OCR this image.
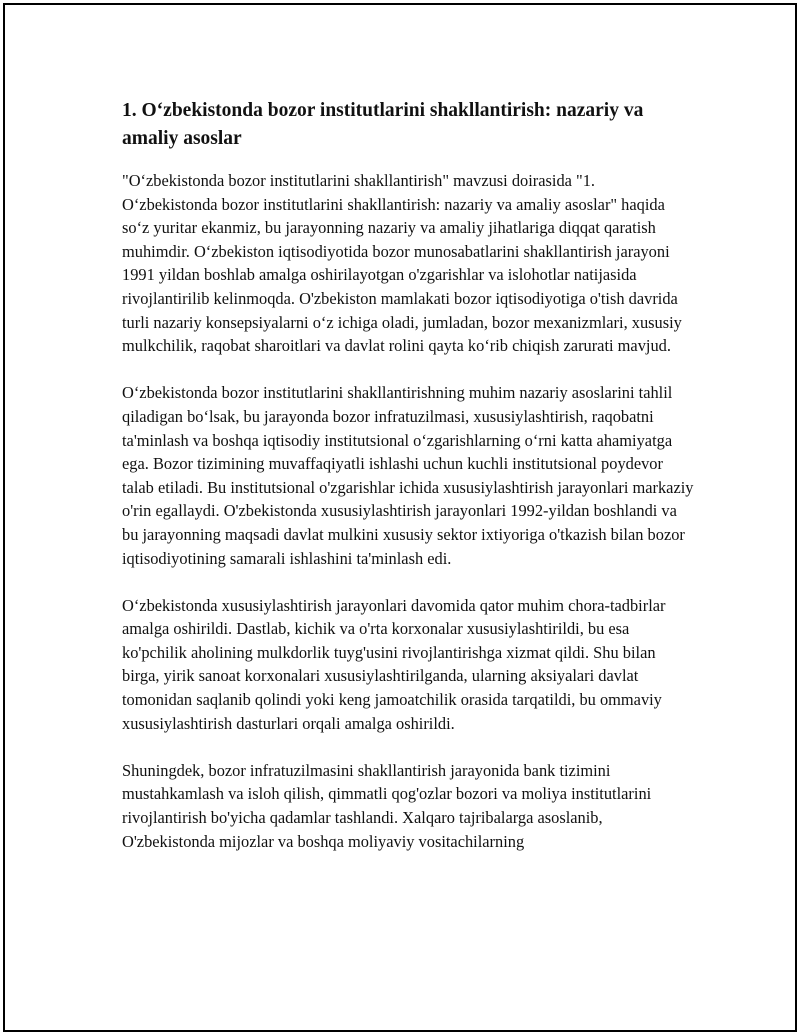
1. O‘zbekistonda bozor institutlarini shakllantirish: nazariy va amaliy asoslar

"O‘zbekistonda bozor institutlarini shakllantirish" mavzusi doirasida "1. O‘zbekistonda bozor institutlarini shakllantirish: nazariy va amaliy asoslar" haqida so‘z yuritar ekanmiz, bu jarayonning nazariy va amaliy jihatlariga diqqat qaratish muhimdir. O‘zbekiston iqtisodiyotida bozor munosabatlarini shakllantirish jarayoni 1991 yildan boshlab amalga oshirilayotgan o'zgarishlar va islohotlar natijasida rivojlantirilib kelinmoqda. O'zbekiston mamlakati bozor iqtisodiyotiga o'tish davrida turli nazariy konsepsiyalarni o‘z ichiga oladi, jumladan, bozor mexanizmlari, xususiy mulkchilik, raqobat sharoitlari va davlat rolini qayta ko‘rib chiqish zarurati mavjud.

O‘zbekistonda bozor institutlarini shakllantirishning muhim nazariy asoslarini tahlil qiladigan bo‘lsak, bu jarayonda bozor infratuzilmasi, xususiylashtirish, raqobatni ta'minlash va boshqa iqtisodiy institutsional o‘zgarishlarning o‘rni katta ahamiyatga ega. Bozor tizimining muvaffaqiyatli ishlashi uchun kuchli institutsional poydevor talab etiladi. Bu institutsional o'zgarishlar ichida xususiylashtirish jarayonlari markaziy o'rin egallaydi. O'zbekistonda xususiylashtirish jarayonlari 1992-yildan boshlandi va bu jarayonning maqsadi davlat mulkini xususiy sektor ixtiyoriga o'tkazish bilan bozor iqtisodiyotining samarali ishlashini ta'minlash edi.

O‘zbekistonda xususiylashtirish jarayonlari davomida qator muhim chora-tadbirlar amalga oshirildi. Dastlab, kichik va o'rta korxonalar xususiylashtirildi, bu esa ko'pchilik aholining mulkdorlik tuyg'usini rivojlantirishga xizmat qildi. Shu bilan birga, yirik sanoat korxonalari xususiylashtirilganda, ularning aksiyalari davlat tomonidan saqlanib qolindi yoki keng jamoatchilik orasida tarqatildi, bu ommaviy xususiylashtirish dasturlari orqali amalga oshirildi.

Shuningdek, bozor infratuzilmasini shakllantirish jarayonida bank tizimini mustahkamlash va isloh qilish, qimmatli qog'ozlar bozori va moliya institutlarini rivojlantirish bo'yicha qadamlar tashlandi. Xalqaro tajribalarga asoslanib, O'zbekistonda mijozlar va boshqa moliyaviy vositachilarning
